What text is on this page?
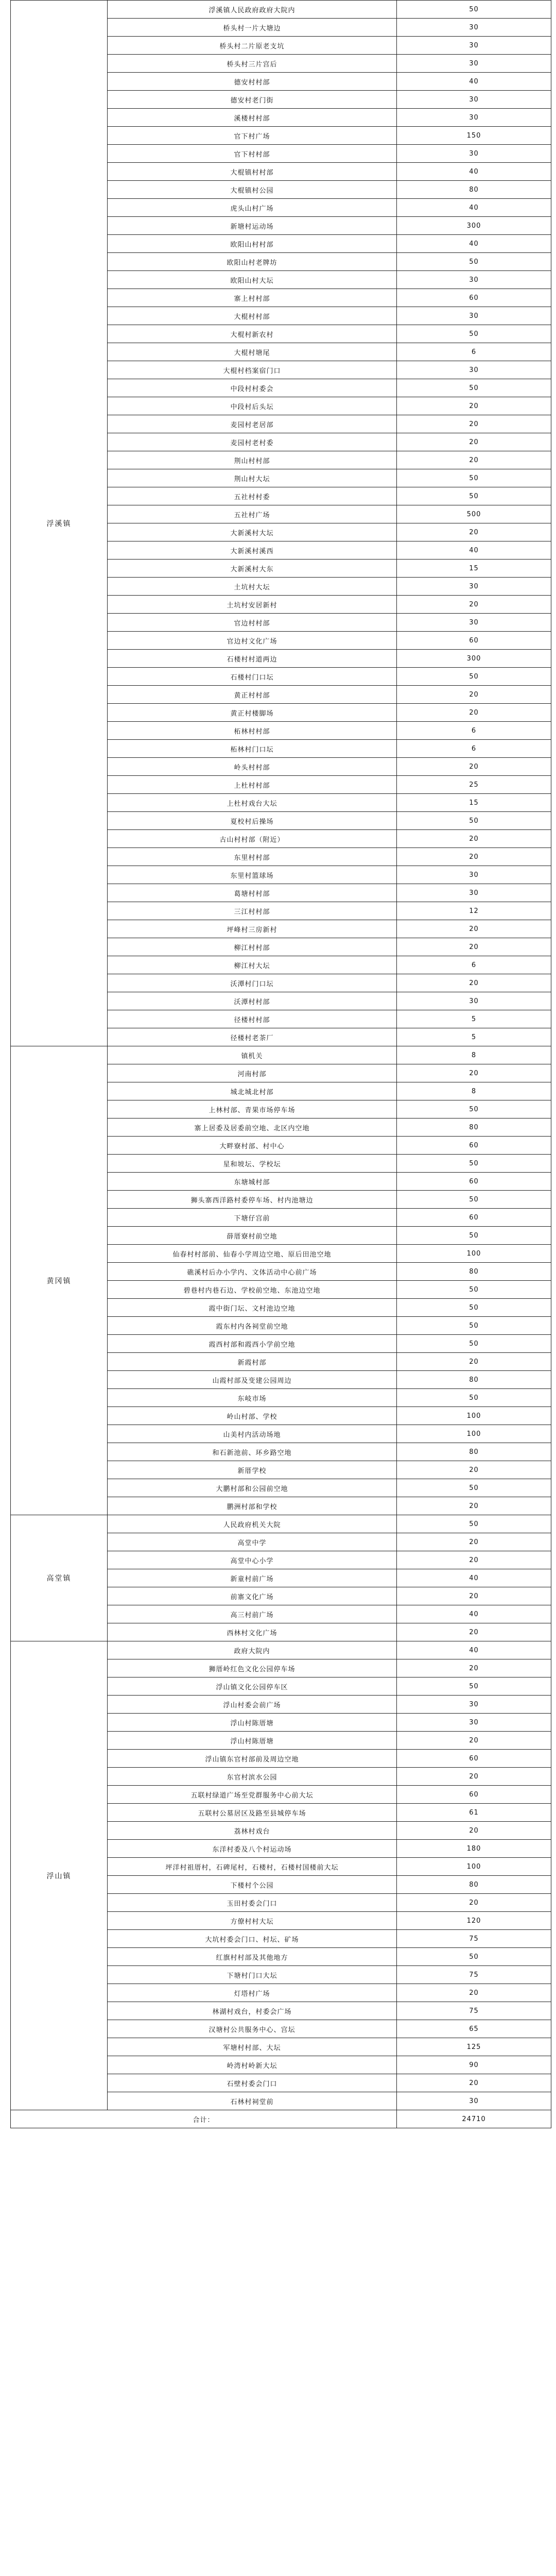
浮溪镇	浮溪镇人民政府政府大院内	50
	桥头村一片大塘边	30
	桥头村二片原老支坑	30
	桥头村三片宫后	30
	德安村村部	40
	德安村老门街	30
	溪楼村村部	30
	官下村广场	150
	官下村村部	30
	大棍镇村村部	40
	大棍镇村公园	80
	虎头山村广场	40
	新塘村运动场	300
	欧阳山村村部	40
	欧阳山村老牌坊	50
	欧阳山村大坛	30
	寨上村村部	60
	大棍村村部	30
	大棍村新农村	50
	大棍村塘尾	6
	大棍村档案宿门口	30
	中段村村委会	50
	中段村后头坛	20
	麦园村老居部	20
	麦园村老村委	20
	荆山村村部	20
	荆山村大坛	50
	五社村村委	50
	五社村广场	500
	大新溪村大坛	20
	大新溪村溪西	40
	大新溪村大东	15
	土坑村大坛	30
	土坑村安居新村	20
	官边村村部	30
	官边村文化广场	60
	石楼村村道两边	300
	石楼村门口坛	50
	黄正村村部	20
	黄正村楼脚场	20
	柘林村村部	6
	柘林村门口坛	6
	岭头村村部	20
	上杜村村部	25
	上杜村戏台大坛	15
	夏校村后操场	50
	古山村村部（附近）	20
	东里村村部	20
	东里村篮球场	30
	葛塘村村部	30
	三江村村部	12
	坪峰村三房新村	20
	柳江村村部	20
	柳江村大坛	6
	沃潭村门口坛	20
	沃潭村村部	30
	径楼村村部	5
	径楼村老茶厂	5
黄冈镇	镇机关	8
	河南村部	20
	城北城北村部	8
	上林村部、青果市场停车场	50
	寨上居委及居委前空地、北区内空地	80
	大畔寮村部、村中心	60
	星和坡坛、学校坛	50
	东塘城村部	60
	狮头寨西洋路村委停车场、村内池塘边	50
	下塘仔宫前	60
	薛厝寮村前空地	50
	仙春村村部前、仙春小学周边空地、原后田池空地	100
	礁溪村后办小学内、文体活动中心前广场	80
	碧巷村内巷石边、学校前空地、东池边空地	50
	霞中街门坛、文村池边空地	50
	霞东村内各祠堂前空地	50
	霞西村部和霞西小学前空地	50
	新霞村部	20
	山霞村部及变建公园周边	80
	东岐市场	50
	岭山村部、学校	100
	山美村内活动场地	100
	和石新池前、环乡路空地	80
	新厝学校	20
	大鹏村部和公园前空地	50
	鹏洲村部和学校	20
高堂镇	人民政府机关大院	50
	高堂中学	20
	高堂中心小学	20
	新童村前广场	40
	前寨文化广场	20
	高三村前广场	40
	西林村文化广场	20
浮山镇	政府大院内	40
	狮厝岭红色文化公园停车场	20
	浮山镇文化公园停车区	50
	浮山村委会前广场	30
	浮山村陈厝塘	30
	浮山村陈厝塘	20
	浮山镇东官村部前及周边空地	60
	东官村滨水公园	20
	五联村绿道广场至党群服务中心前大坛	60
	五联村公墓居区及路至县城停车场	61
	荔林村戏台	20
	东洋村委及八个村运动场	180
	坪洋村祖厝村，石碑尾村，石楼村，石楼村国楼前大坛	100
	下楼村个公园	80
	玉田村委会门口	20
	方僚村村大坛	120
	大坑村委会门口、村坛、矿场	75
	红旗村村部及其他地方	50
	下塘村门口大坛	75
	灯塔村广场	20
	林湖村戏台，村委会广场	75
	汉塘村公共服务中心、宫坛	65
	军塘村村部、大坛	125
	岭湾村岭新大坛	90
	石壁村委会门口	20
	石林村祠堂前	30
合计：		24710
